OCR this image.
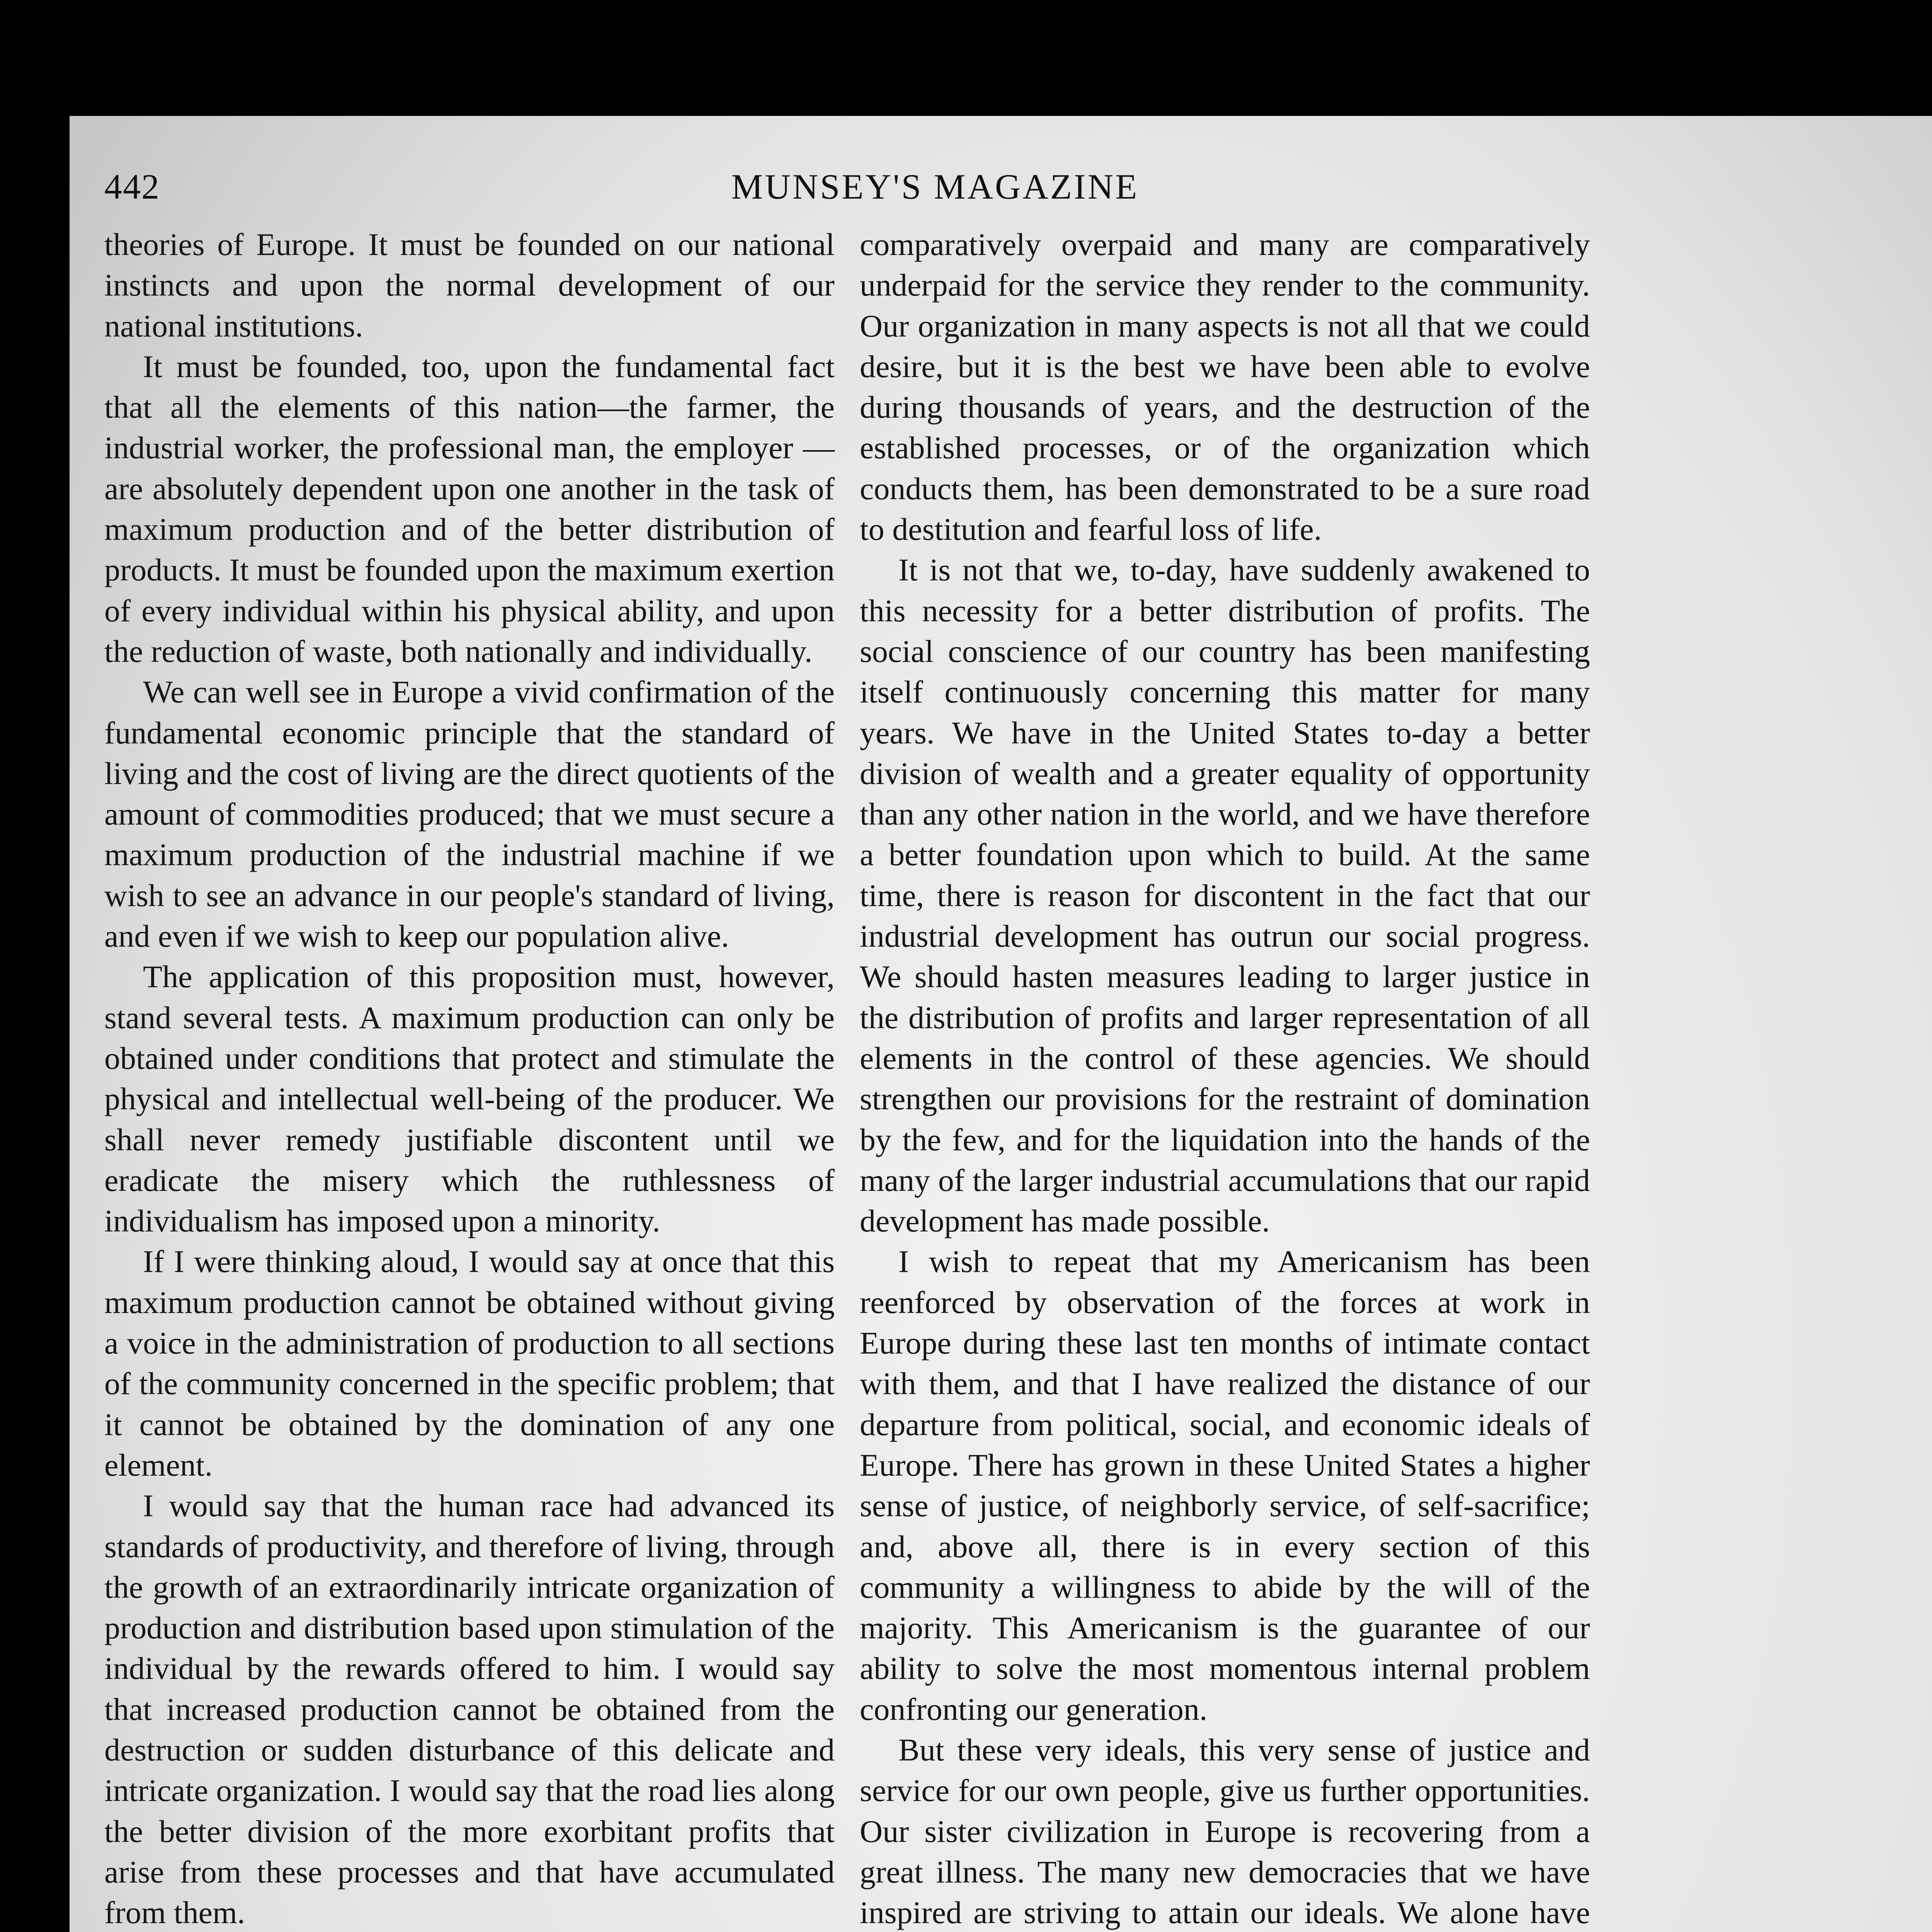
442	MUNSEY'S MAGAZINE

theories of Europe. It must be founded on our national instincts and upon the normal development of our national institutions.

It must be founded, too, upon the fundamental fact that all the elements of this nation—the farmer, the industrial worker, the professional man, the employer — are absolutely dependent upon one another in the task of maximum production and of the better distribution of products. It must be founded upon the maximum exertion of every individual within his physical ability, and upon the reduction of waste, both nationally and individually.

We can well see in Europe a vivid confirmation of the fundamental economic principle that the standard of living and the cost of living are the direct quotients of the amount of commodities produced; that we must secure a maximum production of the industrial machine if we wish to see an advance in our people's standard of living, and even if we wish to keep our population alive.

The application of this proposition must, however, stand several tests. A maximum production can only be obtained under conditions that protect and stimulate the physical and intellectual well-being of the producer. We shall never remedy justifiable discontent until we eradicate the misery which the ruthlessness of individualism has imposed upon a minority.

If I were thinking aloud, I would say at once that this maximum production cannot be obtained without giving a voice in the administration of production to all sections of the community concerned in the specific problem; that it cannot be obtained by the domination of any one element.

I would say that the human race had advanced its standards of productivity, and therefore of living, through the growth of an extraordinarily intricate organization of production and distribution based upon stimulation of the individual by the rewards offered to him. I would say that increased production cannot be obtained from the destruction or sudden disturbance of this delicate and intricate organization. I would say that the road lies along the better division of the more exorbitant profits that arise from these processes and that have accumulated from them.

comparatively overpaid and many are comparatively underpaid for the service they render to the community. Our organization in many aspects is not all that we could desire, but it is the best we have been able to evolve during thousands of years, and the destruction of the established processes, or of the organization which conducts them, has been demonstrated to be a sure road to destitution and fearful loss of life.

It is not that we, to-day, have suddenly awakened to this necessity for a better distribution of profits. The social conscience of our country has been manifesting itself continuously concerning this matter for many years. We have in the United States to-day a better division of wealth and a greater equality of opportunity than any other nation in the world, and we have therefore a better foundation upon which to build. At the same time, there is reason for discontent in the fact that our industrial development has outrun our social progress. We should hasten measures leading to larger justice in the distribution of profits and larger representation of all elements in the control of these agencies. We should strengthen our provisions for the restraint of domination by the few, and for the liquidation into the hands of the many of the larger industrial accumulations that our rapid development has made possible.

I wish to repeat that my Americanism has been reenforced by observation of the forces at work in Europe during these last ten months of intimate contact with them, and that I have realized the distance of our departure from political, social, and economic ideals of Europe. There has grown in these United States a higher sense of justice, of neighborly service, of self-sacrifice; and, above all, there is in every section of this community a willingness to abide by the will of the majority. This Americanism is the guarantee of our ability to solve the most momentous internal problem confronting our generation.

But these very ideals, this very sense of justice and service for our own people, give us further opportunities. Our sister civilization in Europe is recovering from a great illness. The many new democracies that we have inspired are striving to attain our ideals. We alone have
